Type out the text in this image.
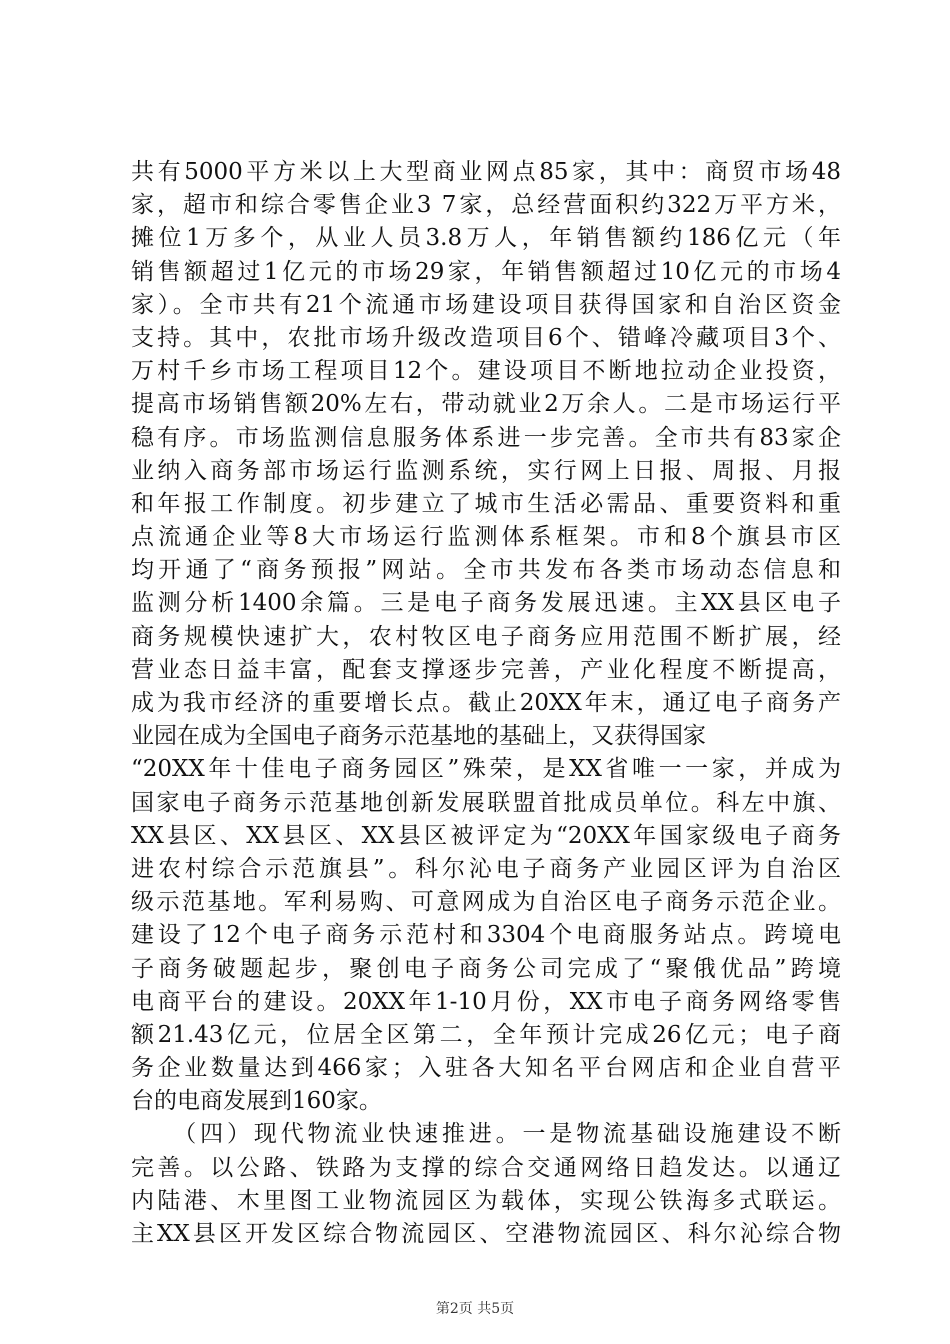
共有5000平方米以上大型商业网点85家，其中：商贸市场48
家，超市和综合零售企业3 7家，总经营面积约322万平方米，
摊位1万多个，从业人员3.8万人，年销售额约186亿元（年
销售额超过1亿元的市场29家，年销售额超过10亿元的市场4
家）。全市共有21个流通市场建设项目获得国家和自治区资金
支持。其中，农批市场升级改造项目6个、错峰冷藏项目3个、
万村千乡市场工程项目12个。建设项目不断地拉动企业投资，
提高市场销售额20%左右，带动就业2万余人。二是市场运行平
稳有序。市场监测信息服务体系进一步完善。全市共有83家企
业纳入商务部市场运行监测系统，实行网上日报、周报、月报
和年报工作制度。初步建立了城市生活必需品、重要资料和重
点流通企业等8大市场运行监测体系框架。市和8个旗县市区
均开通了“商务预报”网站。全市共发布各类市场动态信息和
监测分析1400余篇。三是电子商务发展迅速。主XX县区电子
商务规模快速扩大，农村牧区电子商务应用范围不断扩展，经
营业态日益丰富，配套支撑逐步完善，产业化程度不断提高，
成为我市经济的重要增长点。截止20XX年末，通辽电子商务产
业园在成为全国电子商务示范基地的基础上，又获得国家
“20XX年十佳电子商务园区”殊荣，是XX省唯一一家，并成为
国家电子商务示范基地创新发展联盟首批成员单位。科左中旗、
XX县区、XX县区、XX县区被评定为“20XX年国家级电子商务
进农村综合示范旗县”。科尔沁电子商务产业园区评为自治区
级示范基地。军利易购、可意网成为自治区电子商务示范企业。
建设了12个电子商务示范村和3304个电商服务站点。跨境电
子商务破题起步，聚创电子商务公司完成了“聚俄优品”跨境
电商平台的建设。20XX年1-10月份，XX市电子商务网络零售
额21.43亿元，位居全区第二，全年预计完成26亿元；电子商
务企业数量达到466家；入驻各大知名平台网店和企业自营平
台的电商发展到160家。
　　（四）现代物流业快速推进。一是物流基础设施建设不断
完善。以公路、铁路为支撑的综合交通网络日趋发达。以通辽
内陆港、木里图工业物流园区为载体，实现公铁海多式联运。
主XX县区开发区综合物流园区、空港物流园区、科尔沁综合物
第2页 共5页
